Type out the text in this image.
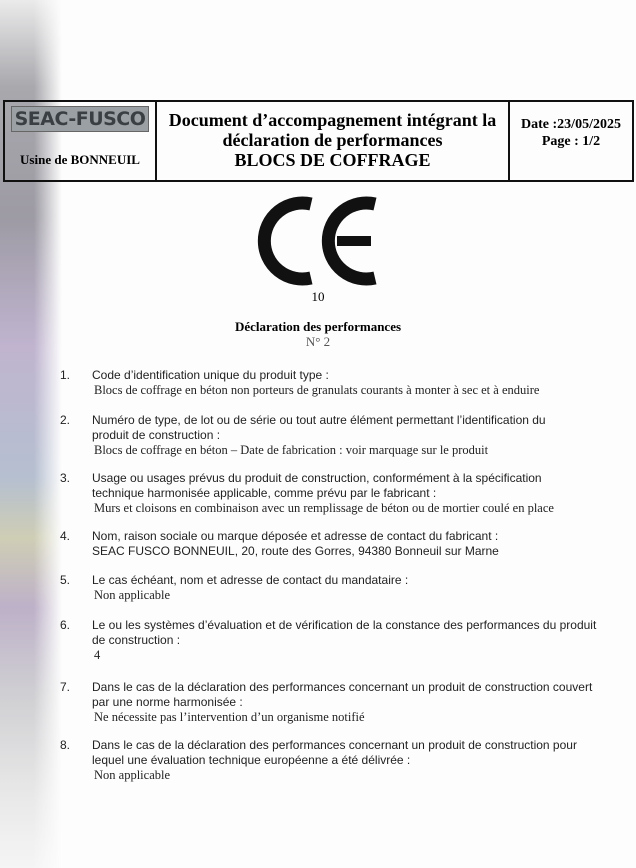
SEAC-FUSCO
Usine de BONNEUIL
Document d’accompagnement intégrant la
déclaration de performances
BLOCS DE COFFRAGE
Date :23/05/2025
Page : 1/2
10
Déclaration des performances
N° 2
1. Code d’identification unique du produit type :
Blocs de coffrage en béton non porteurs de granulats courants à monter à sec et à enduire
2. Numéro de type, de lot ou de série ou tout autre élément permettant l’identification du
produit de construction :
Blocs de coffrage en béton – Date de fabrication : voir marquage sur le produit
3. Usage ou usages prévus du produit de construction, conformément à la spécification
technique harmonisée applicable, comme prévu par le fabricant :
Murs et cloisons en combinaison avec un remplissage de béton ou de mortier coulé en place
4. Nom, raison sociale ou marque déposée et adresse de contact du fabricant :
SEAC FUSCO BONNEUIL, 20, route des Gorres, 94380 Bonneuil sur Marne
5. Le cas échéant, nom et adresse de contact du mandataire :
Non applicable
6. Le ou les systèmes d’évaluation et de vérification de la constance des performances du produit
de construction :
4
7. Dans le cas de la déclaration des performances concernant un produit de construction couvert
par une norme harmonisée :
Ne nécessite pas l’intervention d’un organisme notifié
8. Dans le cas de la déclaration des performances concernant un produit de construction pour
lequel une évaluation technique européenne a été délivrée :
Non applicable
